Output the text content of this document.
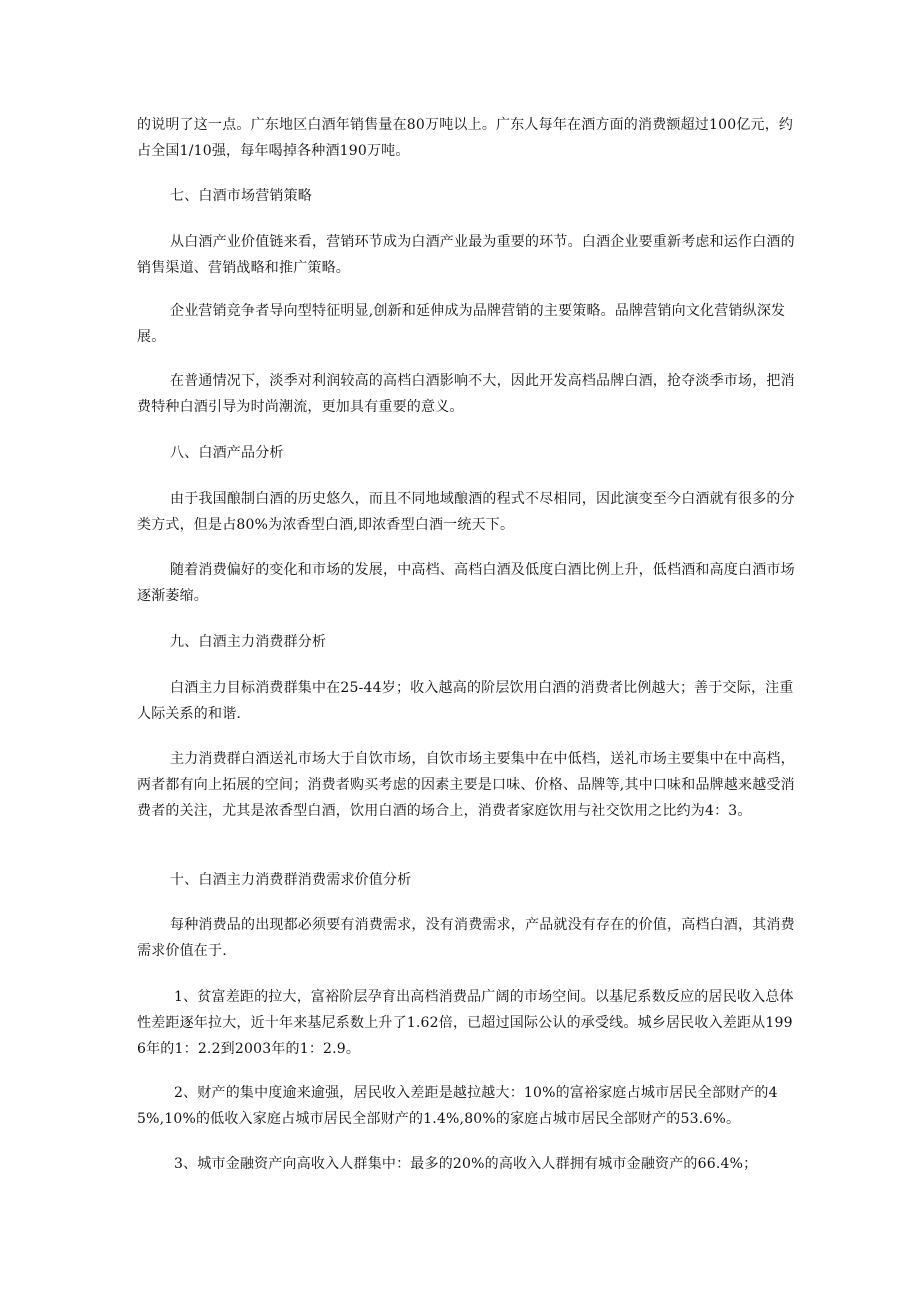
的说明了这一点。广东地区白酒年销售量在80万吨以上。广东人每年在酒方面的消费额超过100亿元，约占全国1/10强，每年喝掉各种酒190万吨。

七、白酒市场营销策略

从白酒产业价值链来看，营销环节成为白酒产业最为重要的环节。白酒企业要重新考虑和运作白酒的销售渠道、营销战略和推广策略。

企业营销竞争者导向型特征明显,创新和延伸成为品牌营销的主要策略。品牌营销向文化营销纵深发展。

在普通情况下，淡季对利润较高的高档白酒影响不大，因此开发高档品牌白酒，抢夺淡季市场，把消费特种白酒引导为时尚潮流，更加具有重要的意义。

八、白酒产品分析

由于我国酿制白酒的历史悠久，而且不同地域酿酒的程式不尽相同，因此演变至今白酒就有很多的分类方式，但是占80%为浓香型白酒,即浓香型白酒一统天下。

随着消费偏好的变化和市场的发展，中高档、高档白酒及低度白酒比例上升，低档酒和高度白酒市场逐渐萎缩。

九、白酒主力消费群分析

白酒主力目标消费群集中在25-44岁；收入越高的阶层饮用白酒的消费者比例越大；善于交际，注重人际关系的和谐.

主力消费群白酒送礼市场大于自饮市场，自饮市场主要集中在中低档，送礼市场主要集中在中高档，两者都有向上拓展的空间；消费者购买考虑的因素主要是口味、价格、品牌等,其中口味和品牌越来越受消费者的关注，尤其是浓香型白酒，饮用白酒的场合上，消费者家庭饮用与社交饮用之比约为4：3。

十、白酒主力消费群消费需求价值分析

每种消费品的出现都必须要有消费需求，没有消费需求，产品就没有存在的价值，高档白酒，其消费需求价值在于.

1、贫富差距的拉大，富裕阶层孕育出高档消费品广阔的市场空间。以基尼系数反应的居民收入总体性差距逐年拉大，近十年来基尼系数上升了1.62倍，已超过国际公认的承受线。城乡居民收入差距从1996年的1：2.2到2003年的1：2.9。

2、财产的集中度逾来逾强，居民收入差距是越拉越大：10%的富裕家庭占城市居民全部财产的45%,10%的低收入家庭占城市居民全部财产的1.4%,80%的家庭占城市居民全部财产的53.6%。

3、城市金融资产向高收入人群集中：最多的20%的高收入人群拥有城市金融资产的66.4%；
